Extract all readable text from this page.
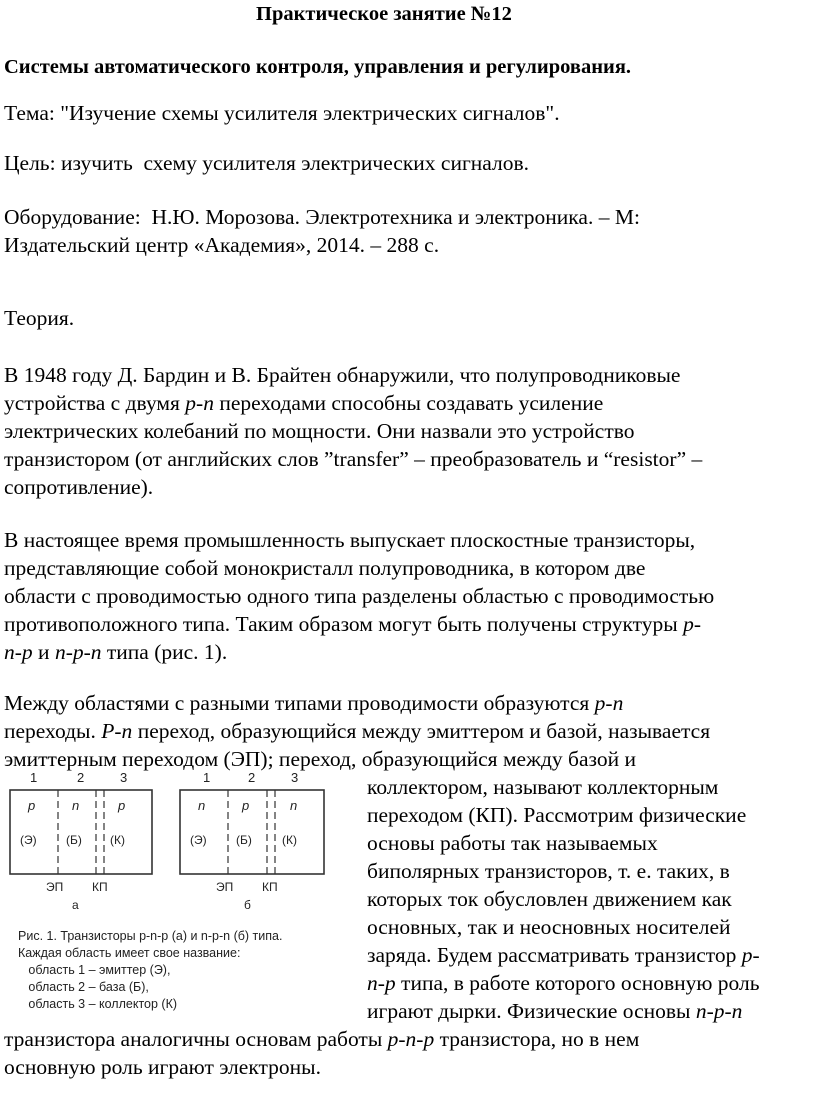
Практическое занятие №12
Системы автоматического контроля, управления и регулирования.
Тема: "Изучение схемы усилителя электрических сигналов".
Цель: изучить  схему усилителя электрических сигналов.
Оборудование:  Н.Ю. Морозова. Электротехника и электроника. – М:
Издательский центр «Академия», 2014. – 288 с.
Теория.
В 1948 году Д. Бардин и В. Брайтен обнаружили, что полупроводниковые
устройства с двумя p-n переходами способны создавать усиление
электрических колебаний по мощности. Они назвали это устройство
транзистором (от английских слов ”transfer” – преобразователь и “resistor” –
сопротивление).
В настоящее время промышленность выпускает плоскостные транзисторы,
представляющие собой монокристалл полупроводника, в котором две
области с проводимостью одного типа разделены областью с проводимостью
противоположного типа. Таким образом могут быть получены структуры p-
n-p и n-p-n типа (рис. 1).
Между областями с разными типами проводимости образуются p-n
переходы. P-n переход, образующийся между эмиттером и базой, называется
эмиттерным переходом (ЭП); переход, образующийся между базой и
коллектором, называют коллекторным
переходом (КП). Рассмотрим физические
основы работы так называемых
биполярных транзисторов, т. е. таких, в
которых ток обусловлен движением как
основных, так и неосновных носителей
заряда. Будем рассматривать транзистор p-
n-p типа, в работе которого основную роль
играют дырки. Физические основы n-p-n
транзистора аналогичны основам работы p-n-p транзистора, но в нем
основную роль играют электроны.
1	2	3
p	n	p
(Э) (Б) (К)
ЭП КП
а
1	2	3
n	p	n
(Э) (Б)	(К)
ЭП КП
б
Рис. 1. Транзисторы p-n-p (а) и n-p-n (б) типа.
Каждая область имеет свое название:
область 1 – эмиттер (Э),
область 2 – база (Б),
область 3 – коллектор (К)
